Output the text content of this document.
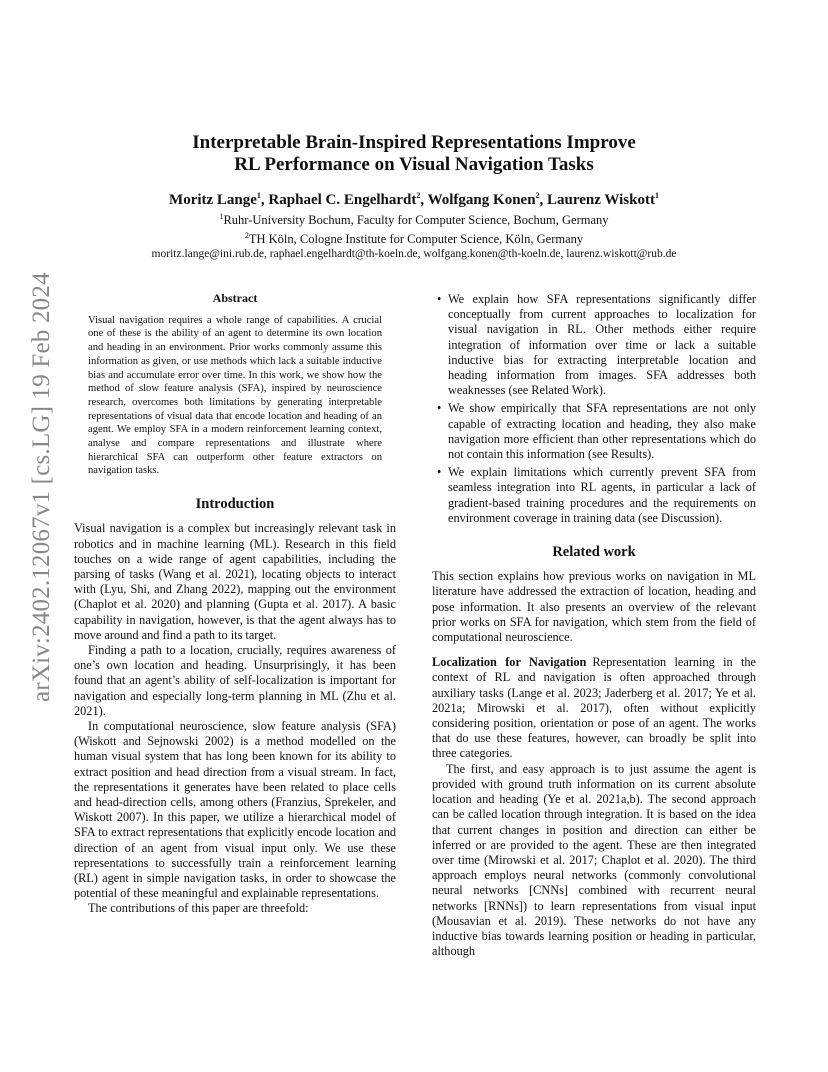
arXiv:2402.12067v1 [cs.LG] 19 Feb 2024
Interpretable Brain-Inspired Representations Improve
RL Performance on Visual Navigation Tasks
Moritz Lange$^1$, Raphael C. Engelhardt$^2$, Wolfgang Konen$^2$, Laurenz Wiskott$^1$
$^1$Ruhr-University Bochum, Faculty for Computer Science, Bochum, Germany
$^2$TH Köln, Cologne Institute for Computer Science, Köln, Germany
moritz.lange@ini.rub.de, raphael.engelhardt@th-koeln.de, wolfgang.konen@th-koeln.de, laurenz.wiskott@rub.de
Abstract

Visual navigation requires a whole range of capabilities. A crucial one of these is the ability of an agent to determine its own location and heading in an environment. Prior works commonly assume this information as given, or use methods which lack a suitable inductive bias and accumulate error over time. In this work, we show how the method of slow feature analysis (SFA), inspired by neuroscience research, overcomes both limitations by generating interpretable representations of visual data that encode location and heading of an agent. We employ SFA in a modern reinforcement learning context, analyse and compare representations and illustrate where hierarchical SFA can outperform other feature extractors on navigation tasks.

Introduction

Visual navigation is a complex but increasingly relevant task in robotics and in machine learning (ML). Research in this field touches on a wide range of agent capabilities, including the parsing of tasks (Wang et al. 2021), locating objects to interact with (Lyu, Shi, and Zhang 2022), mapping out the environment (Chaplot et al. 2020) and planning (Gupta et al. 2017). A basic capability in navigation, however, is that the agent always has to move around and find a path to its target.

Finding a path to a location, crucially, requires awareness of one’s own location and heading. Unsurprisingly, it has been found that an agent’s ability of self-localization is important for navigation and especially long-term planning in ML (Zhu et al. 2021).

In computational neuroscience, slow feature analysis (SFA) (Wiskott and Sejnowski 2002) is a method modelled on the human visual system that has long been known for its ability to extract position and head direction from a visual stream. In fact, the representations it generates have been related to place cells and head-direction cells, among others (Franzius, Sprekeler, and Wiskott 2007). In this paper, we utilize a hierarchical model of SFA to extract representations that explicitly encode location and direction of an agent from visual input only. We use these representations to successfully train a reinforcement learning (RL) agent in simple navigation tasks, in order to showcase the potential of these meaningful and explainable representations.

The contributions of this paper are threefold:

• We explain how SFA representations significantly differ conceptually from current approaches to localization for visual navigation in RL. Other methods either require integration of information over time or lack a suitable inductive bias for extracting interpretable location and heading information from images. SFA addresses both weaknesses (see Related Work).
• We show empirically that SFA representations are not only capable of extracting location and heading, they also make navigation more efficient than other representations which do not contain this information (see Results).
• We explain limitations which currently prevent SFA from seamless integration into RL agents, in particular a lack of gradient-based training procedures and the requirements on environment coverage in training data (see Discussion).
Related work

This section explains how previous works on navigation in ML literature have addressed the extraction of location, heading and pose information. It also presents an overview of the relevant prior works on SFA for navigation, which stem from the field of computational neuroscience.

Localization for Navigation Representation learning in the context of RL and navigation is often approached through auxiliary tasks (Lange et al. 2023; Jaderberg et al. 2017; Ye et al. 2021a; Mirowski et al. 2017), often without explicitly considering position, orientation or pose of an agent. The works that do use these features, however, can broadly be split into three categories.

The first, and easy approach is to just assume the agent is provided with ground truth information on its current absolute location and heading (Ye et al. 2021a,b). The second approach can be called location through integration. It is based on the idea that current changes in position and direction can either be inferred or are provided to the agent. These are then integrated over time (Mirowski et al. 2017; Chaplot et al. 2020). The third approach employs neural networks (commonly convolutional neural networks [CNNs] combined with recurrent neural networks [RNNs]) to learn representations from visual input (Mousavian et al. 2019). These networks do not have any inductive bias towards learning position or heading in particular, although
